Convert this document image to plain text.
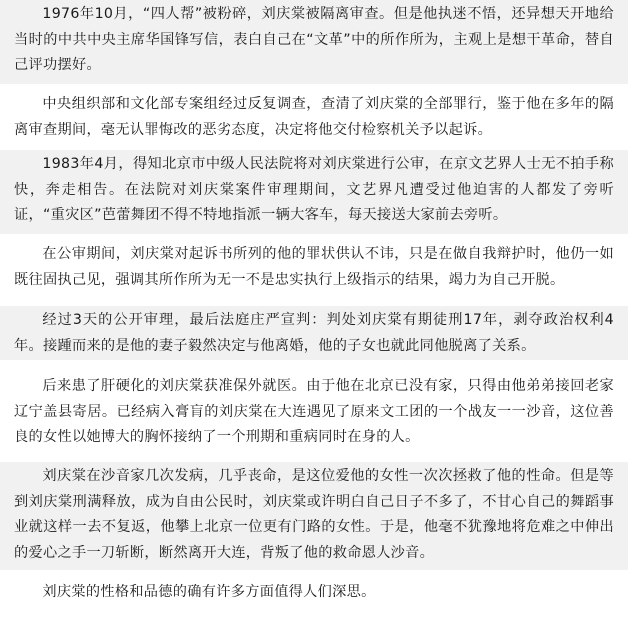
1976年10月，“四人帮”被粉碎，刘庆棠被隔离审查。但是他执迷不悟，还异想天开地给当时的中共中央主席华国锋写信，表白自己在“文革”中的所作所为，主观上是想干革命，替自己评功摆好。

中央组织部和文化部专案组经过反复调查，查清了刘庆棠的全部罪行，鉴于他在多年的隔离审查期间，毫无认罪悔改的恶劣态度，决定将他交付检察机关予以起诉。

1983年4月，得知北京市中级人民法院将对刘庆棠进行公审，在京文艺界人士无不拍手称快，奔走相告。在法院对刘庆棠案件审理期间，文艺界凡遭受过他迫害的人都发了旁听证，“重灾区”芭蕾舞团不得不特地指派一辆大客车，每天接送大家前去旁听。

在公审期间，刘庆棠对起诉书所列的他的罪状供认不讳，只是在做自我辩护时，他仍一如既往固执己见，强调其所作所为无一不是忠实执行上级指示的结果，竭力为自己开脱。

经过3天的公开审理，最后法庭庄严宣判：判处刘庆棠有期徒刑17年，剥夺政治权利4年。接踵而来的是他的妻子毅然决定与他离婚，他的子女也就此同他脱离了关系。

后来患了肝硬化的刘庆棠获准保外就医。由于他在北京已没有家，只得由他弟弟接回老家辽宁盖县寄居。已经病入膏肓的刘庆棠在大连遇见了原来文工团的一个战友一一沙音，这位善良的女性以她博大的胸怀接纳了一个刑期和重病同时在身的人。

刘庆棠在沙音家几次发病，几乎丧命，是这位爱他的女性一次次拯救了他的性命。但是等到刘庆棠刑满释放，成为自由公民时，刘庆棠或许明白自己日子不多了，不甘心自己的舞蹈事业就这样一去不复返，他攀上北京一位更有门路的女性。于是，他毫不犹豫地将危难之中伸出的爱心之手一刀斩断，断然离开大连，背叛了他的救命恩人沙音。

刘庆棠的性格和品德的确有许多方面值得人们深思。
